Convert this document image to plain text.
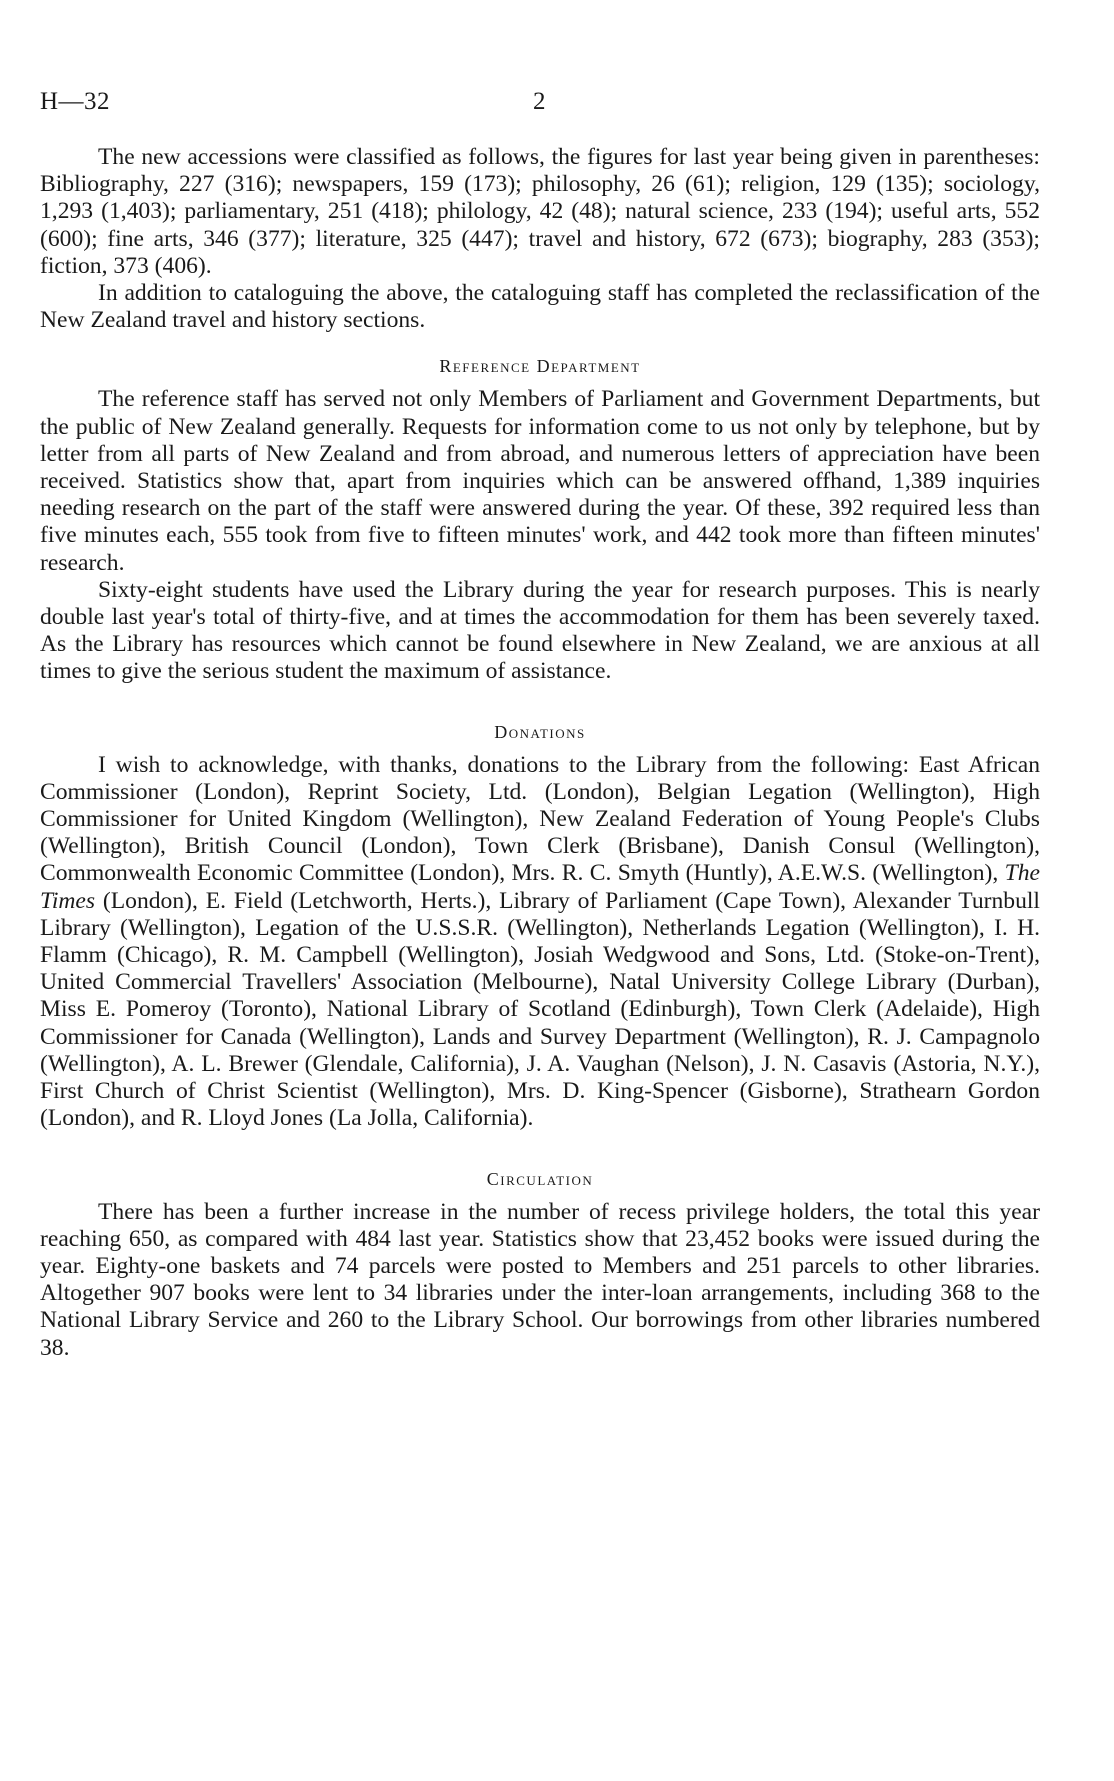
H—32	2

The new accessions were classified as follows, the figures for last year being given in parentheses: Bibliography, 227 (316); newspapers, 159 (173); philosophy, 26 (61); religion, 129 (135); sociology, 1,293 (1,403); parliamentary, 251 (418); philology, 42 (48); natural science, 233 (194); useful arts, 552 (600); fine arts, 346 (377); literature, 325 (447); travel and history, 672 (673); biography, 283 (353); fiction, 373 (406).

In addition to cataloguing the above, the cataloguing staff has completed the reclassification of the New Zealand travel and history sections.

Reference Department

The reference staff has served not only Members of Parliament and Government Departments, but the public of New Zealand generally. Requests for information come to us not only by telephone, but by letter from all parts of New Zealand and from abroad, and numerous letters of appreciation have been received. Statistics show that, apart from inquiries which can be answered offhand, 1,389 inquiries needing research on the part of the staff were answered during the year. Of these, 392 required less than five minutes each, 555 took from five to fifteen minutes' work, and 442 took more than fifteen minutes' research.

Sixty-eight students have used the Library during the year for research purposes. This is nearly double last year's total of thirty-five, and at times the accommodation for them has been severely taxed. As the Library has resources which cannot be found elsewhere in New Zealand, we are anxious at all times to give the serious student the maximum of assistance.

Donations

I wish to acknowledge, with thanks, donations to the Library from the following: East African Commissioner (London), Reprint Society, Ltd. (London), Belgian Legation (Wellington), High Commissioner for United Kingdom (Wellington), New Zealand Federation of Young People's Clubs (Wellington), British Council (London), Town Clerk (Brisbane), Danish Consul (Wellington), Commonwealth Economic Committee (London), Mrs. R. C. Smyth (Huntly), A.E.W.S. (Wellington), The Times (London), E. Field (Letchworth, Herts.), Library of Parliament (Cape Town), Alexander Turnbull Library (Wellington), Legation of the U.S.S.R. (Wellington), Netherlands Legation (Wellington), I. H. Flamm (Chicago), R. M. Campbell (Wellington), Josiah Wedgwood and Sons, Ltd. (Stoke-on-Trent), United Commercial Travellers' Association (Melbourne), Natal University College Library (Durban), Miss E. Pomeroy (Toronto), National Library of Scotland (Edinburgh), Town Clerk (Adelaide), High Commissioner for Canada (Wellington), Lands and Survey Department (Wellington), R. J. Campagnolo (Wellington), A. L. Brewer (Glendale, California), J. A. Vaughan (Nelson), J. N. Casavis (Astoria, N.Y.), First Church of Christ Scientist (Wellington), Mrs. D. King-Spencer (Gisborne), Strathearn Gordon (London), and R. Lloyd Jones (La Jolla, California).

Circulation

There has been a further increase in the number of recess privilege holders, the total this year reaching 650, as compared with 484 last year. Statistics show that 23,452 books were issued during the year. Eighty-one baskets and 74 parcels were posted to Members and 251 parcels to other libraries. Altogether 907 books were lent to 34 libraries under the inter-loan arrangements, including 368 to the National Library Service and 260 to the Library School. Our borrowings from other libraries numbered 38.
